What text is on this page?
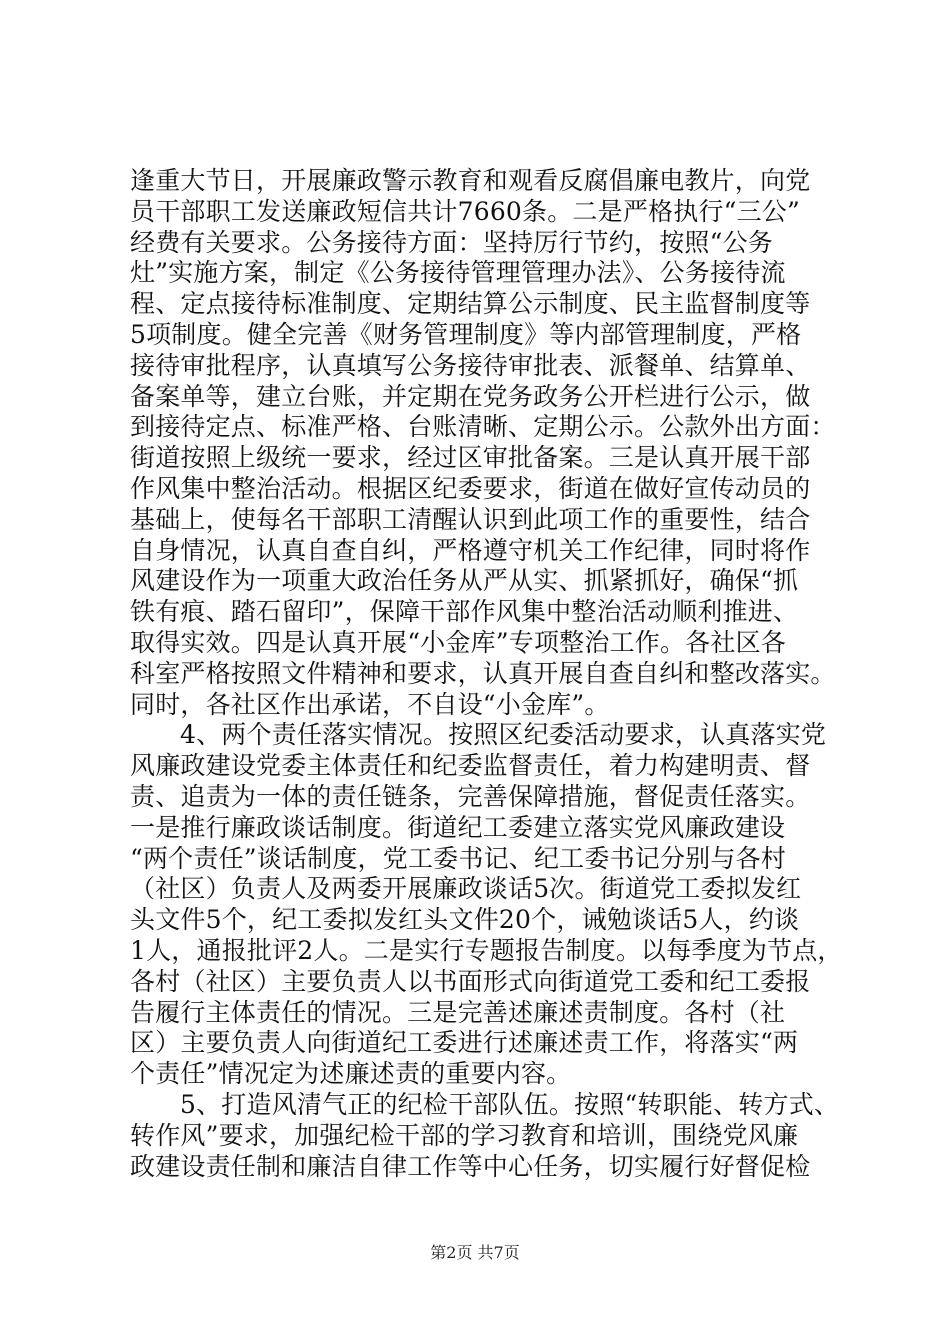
逢重大节日，开展廉政警示教育和观看反腐倡廉电教片，向党
员干部职工发送廉政短信共计7660条。二是严格执行“三公”
经费有关要求。公务接待方面：坚持厉行节约，按照“公务
灶”实施方案，制定《公务接待管理管理办法》、公务接待流
程、定点接待标准制度、定期结算公示制度、民主监督制度等
5项制度。健全完善《财务管理制度》等内部管理制度，严格
接待审批程序，认真填写公务接待审批表、派餐单、结算单、
备案单等，建立台账，并定期在党务政务公开栏进行公示，做
到接待定点、标准严格、台账清晰、定期公示。公款外出方面：
街道按照上级统一要求，经过区审批备案。三是认真开展干部
作风集中整治活动。根据区纪委要求，街道在做好宣传动员的
基础上，使每名干部职工清醒认识到此项工作的重要性，结合
自身情况，认真自查自纠，严格遵守机关工作纪律，同时将作
风建设作为一项重大政治任务从严从实、抓紧抓好，确保“抓
铁有痕、踏石留印”，保障干部作风集中整治活动顺利推进、
取得实效。四是认真开展“小金库”专项整治工作。各社区各
科室严格按照文件精神和要求，认真开展自查自纠和整改落实。
同时，各社区作出承诺，不自设“小金库”。
4、两个责任落实情况。按照区纪委活动要求，认真落实党
风廉政建设党委主体责任和纪委监督责任，着力构建明责、督
责、追责为一体的责任链条，完善保障措施，督促责任落实。
一是推行廉政谈话制度。街道纪工委建立落实党风廉政建设
“两个责任”谈话制度，党工委书记、纪工委书记分别与各村
（社区）负责人及两委开展廉政谈话5次。街道党工委拟发红
头文件5个，纪工委拟发红头文件20个，诫勉谈话5人，约谈
1人，通报批评2人。二是实行专题报告制度。以每季度为节点，
各村（社区）主要负责人以书面形式向街道党工委和纪工委报
告履行主体责任的情况。三是完善述廉述责制度。各村（社
区）主要负责人向街道纪工委进行述廉述责工作，将落实“两
个责任”情况定为述廉述责的重要内容。
5、打造风清气正的纪检干部队伍。按照“转职能、转方式、
转作风”要求，加强纪检干部的学习教育和培训，围绕党风廉
政建设责任制和廉洁自律工作等中心任务，切实履行好督促检
第2页 共7页
